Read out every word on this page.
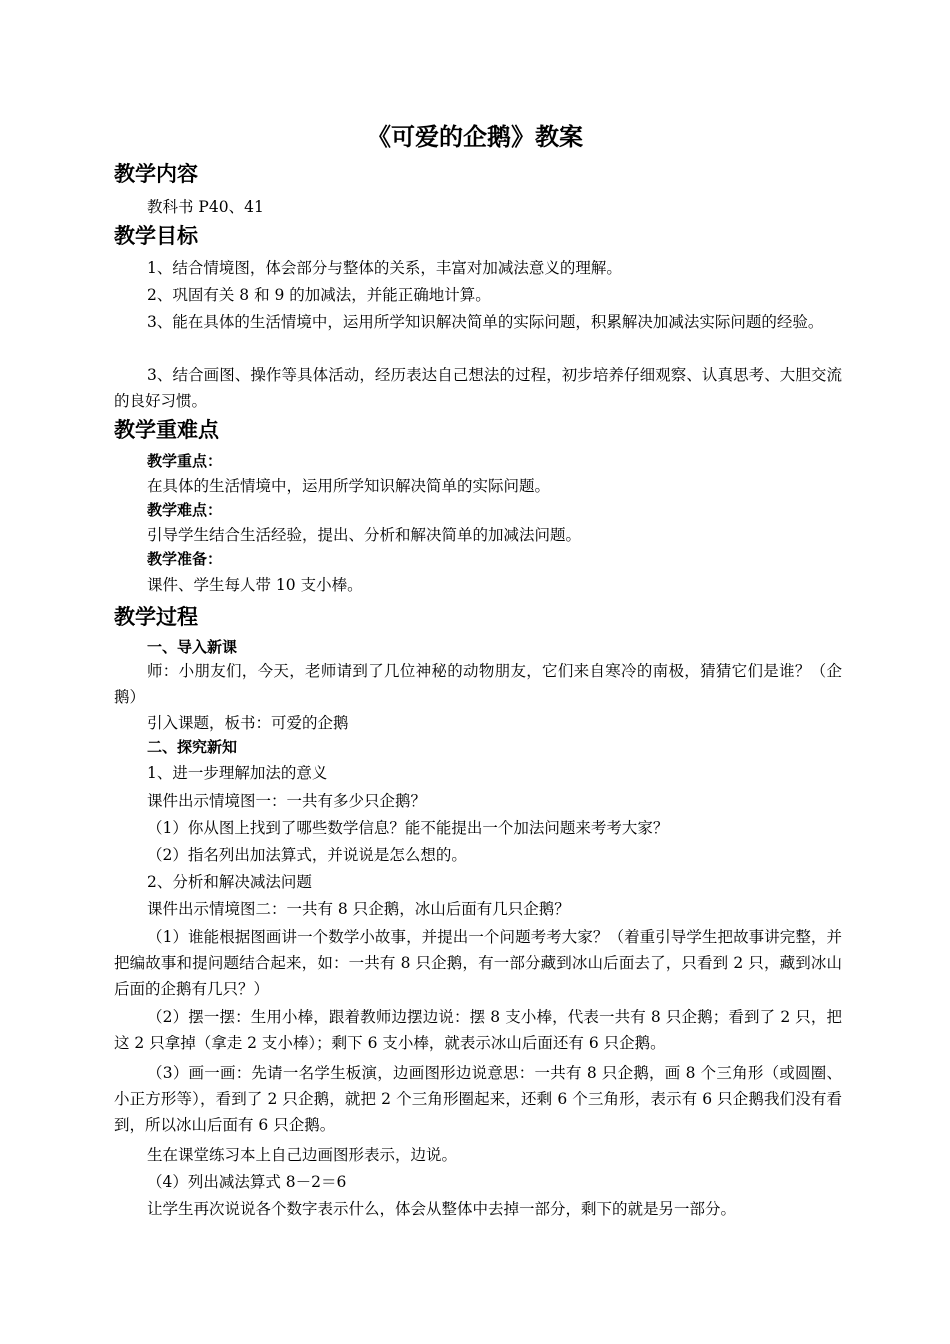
《可爱的企鹅》教案
教学内容
教科书 P40、41
教学目标
1、结合情境图，体会部分与整体的关系，丰富对加减法意义的理解。
2、巩固有关 8 和 9 的加减法，并能正确地计算。
3、能在具体的生活情境中，运用所学知识解决简单的实际问题，积累解决加减法实际问题的经验。
3、结合画图、操作等具体活动，经历表达自己想法的过程，初步培养仔细观察、认真思考、大胆交流的良好习惯。
教学重难点
教学重点：
在具体的生活情境中，运用所学知识解决简单的实际问题。
教学难点：
引导学生结合生活经验，提出、分析和解决简单的加减法问题。
教学准备：
课件、学生每人带 10 支小棒。
教学过程
一、导入新课
师：小朋友们，今天，老师请到了几位神秘的动物朋友，它们来自寒冷的南极，猜猜它们是谁？（企鹅）
引入课题，板书：可爱的企鹅
二、探究新知
1、进一步理解加法的意义
课件出示情境图一：一共有多少只企鹅？
（1）你从图上找到了哪些数学信息？能不能提出一个加法问题来考考大家？
（2）指名列出加法算式，并说说是怎么想的。
2、分析和解决减法问题
课件出示情境图二：一共有 8 只企鹅，冰山后面有几只企鹅？
（1）谁能根据图画讲一个数学小故事，并提出一个问题考考大家？（着重引导学生把故事讲完整，并把编故事和提问题结合起来，如：一共有 8 只企鹅，有一部分藏到冰山后面去了，只看到 2 只，藏到冰山后面的企鹅有几只？）
（2）摆一摆：生用小棒，跟着教师边摆边说：摆 8 支小棒，代表一共有 8 只企鹅；看到了 2 只，把这 2 只拿掉（拿走 2 支小棒）；剩下 6 支小棒，就表示冰山后面还有 6 只企鹅。
（3）画一画：先请一名学生板演，边画图形边说意思：一共有 8 只企鹅，画 8 个三角形（或圆圈、小正方形等），看到了 2 只企鹅，就把 2 个三角形圈起来，还剩 6 个三角形，表示有 6 只企鹅我们没有看到，所以冰山后面有 6 只企鹅。
生在课堂练习本上自己边画图形表示，边说。
（4）列出减法算式 8－2＝6
让学生再次说说各个数字表示什么，体会从整体中去掉一部分，剩下的就是另一部分。
